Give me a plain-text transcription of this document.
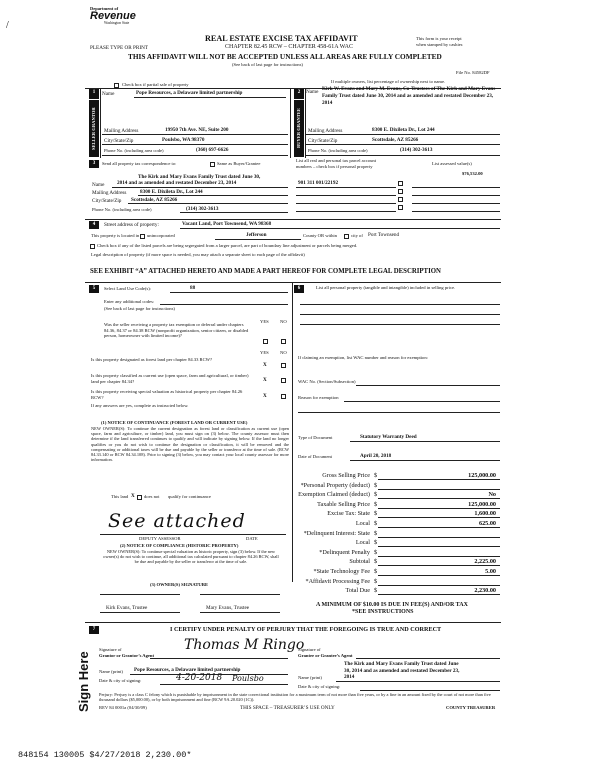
/
Department of
Revenue
Washington State
PLEASE TYPE OR PRINT
REAL ESTATE EXCISE TAX AFFIDAVIT
CHAPTER 82.45 RCW – CHAPTER 458-61A WAC
THIS AFFIDAVIT WILL NOT BE ACCEPTED UNLESS ALL AREAS ARE FULLY COMPLETED
(See back of last page for instructions)
This form is your receipt
when stamped by cashier.
File No. 84582DF
Check box if partial sale of property
If multiple owners, list percentage of ownership next to name.
1	2
SELLER GRANTOR	BUYER GRANTEE
Name	Pope Resources, a Delaware limited partnership	Name Kirk W. Evans and Mary M. Evans, Co-Trustees of The Kirk and Mary Evans Family Trust dated June 30, 2014 and as amended and restated December 23, 2014
Mailing Address	19950 7th Ave. NE, Suite 200
City/State/Zip	Poulsbo, WA 98370
Phone No. (including area code)	(360) 697-6626
Mailing Address	8300 E. Dixileta Dr., Lot 244
City/State/Zip	Scottsdale, AZ 85266
Phone No. (including area code)	(314) 302-3613
3	Send all property tax correspondence to:	Same as Buyer/Grantee
List all real and personal tax parcel account
numbers – check box if personal property
List assessed value(s)
$76,532.00
The Kirk and Mary Evans Family Trust dated June 30,
Name 2014 and as amended and restated December 23, 2014
Mailing Address	8300 E. Dixileta Dr., Lot 244
City/State/Zip Scottsdale, AZ 85266
Phone No. (including area code)	(314) 302-3613
901 311 001/22192
4	Street address of property:	Vacant Land, Port Townsend, WA 98368
This property is located in unincorporated	Jefferson	County OR within	city of Port Townsend
Check box if any of the listed parcels are being segregated from a larger parcel, are part of boundary line adjustment or parcels being merged.
Legal description of property (if more space is needed, you may attach a separate sheet to each page of the affidavit)
SEE EXHIBIT “A” ATTACHED HERETO AND MADE A PART HEREOF FOR COMPLETE LEGAL DESCRIPTION
5	Select Land Use Code(s):	88
Enter any additional codes:
(See back of last page for instructions)
YES NO
Was the seller receiving a property tax exemption or deferral under chapters 84.36, 84.37 or 84.38 RCW (nonprofit organization, senior citizen, or disabled person, homeowner with limited income)?
YES NO
Is this property designated as forest land per chapter 84.33 RCW?
X
Is this property classified as current use (open space, farm and agricultural, or timber) land per chapter 84.34?	X
Is this property receiving special valuation as historical property per chapter 84.26 RCW?	X
If any answers are yes, complete as instructed below.
(1) NOTICE OF CONTINUANCE (FOREST LAND OR CURRENT USE)
NEW OWNER(S): To continue the current designation as forest land or classification as current use (open space, farm and agriculture, or timber) land, you must sign on (3) below. The county assessor must then determine if the land transferred continues to qualify and will indicate by signing below. If the land no longer qualifies or you do not wish to continue the designation or classification, it will be removed and the compensating or additional taxes will be due and payable by the seller or transferor at the time of sale. (RCW 84.33.140 or RCW 84.34.108). Prior to signing (3) below, you may contact your local county assessor for more information.
This land X does not qualify for continuance
See attached
DEPUTY ASSESSOR	DATE
(2) NOTICE OF COMPLIANCE (HISTORIC PROPERTY)
NEW OWNER(S): To continue special valuation as historic property, sign (3) below. If the new owner(s) do not wish to continue, all additional tax calculated pursuant to chapter 84.26 RCW, shall be due and payable by the seller or transferor at the time of sale.
(3) OWNER(S) SIGNATURE
Kirk Evans, Trustee	Mary Evans, Trustee
6	List all personal property (tangible and intangible) included in selling price.
If claiming an exemption, list WAC number and reason for exemption:
WAC No. (Section/Subsection)
Reason for exemption
Type of Document	Statutory Warranty Deed
Date of Document	April 20, 2018
Gross Selling Price $	125,000.00
*Personal Property (deduct) $
Exemption Claimed (deduct) $	No
Taxable Selling Price $	125,000.00
Excise Tax: State $	1,600.00
Local $	625.00
*Delinquent Interest: State $
Local $
*Delinquent Penalty $
Subtotal $	2,225.00
*State Technology Fee $	5.00
*Affidavit Processing Fee $
Total Due $	2,230.00
A MINIMUM OF $10.00 IS DUE IN FEE(S) AND/OR TAX
*SEE INSTRUCTIONS
7	I CERTIFY UNDER PENALTY OF PERJURY THAT THE FOREGOING IS TRUE AND CORRECT
Sign Here
Signature of
Grantor or Grantor’s Agent
Thomas M Ringo
Name (print) Pope Resources, a Delaware limited partnership
Date & city of signing:	4-20-2018 Poulsbo
Signature of
Grantee or Grantee’s Agent
The Kirk and Mary Evans Family Trust dated June
30, 2014 and as amended and restated December 23,
Name (print)	2014
Date & city of signing:
Perjury: Perjury is a class C felony which is punishable by imprisonment in the state correctional institution for a maximum term of not more than five years, or by a fine in an amount fixed by the court of not more than five thousand dollars ($5,000.00), or by both imprisonment and fine (RCW 9A.20.020 (1C)).
REV 84 0001a (04/30/09)	THIS SPACE – TREASURER’S USE ONLY	COUNTY TREASURER
848154 130005 $4/27/2018 2,230.00*
